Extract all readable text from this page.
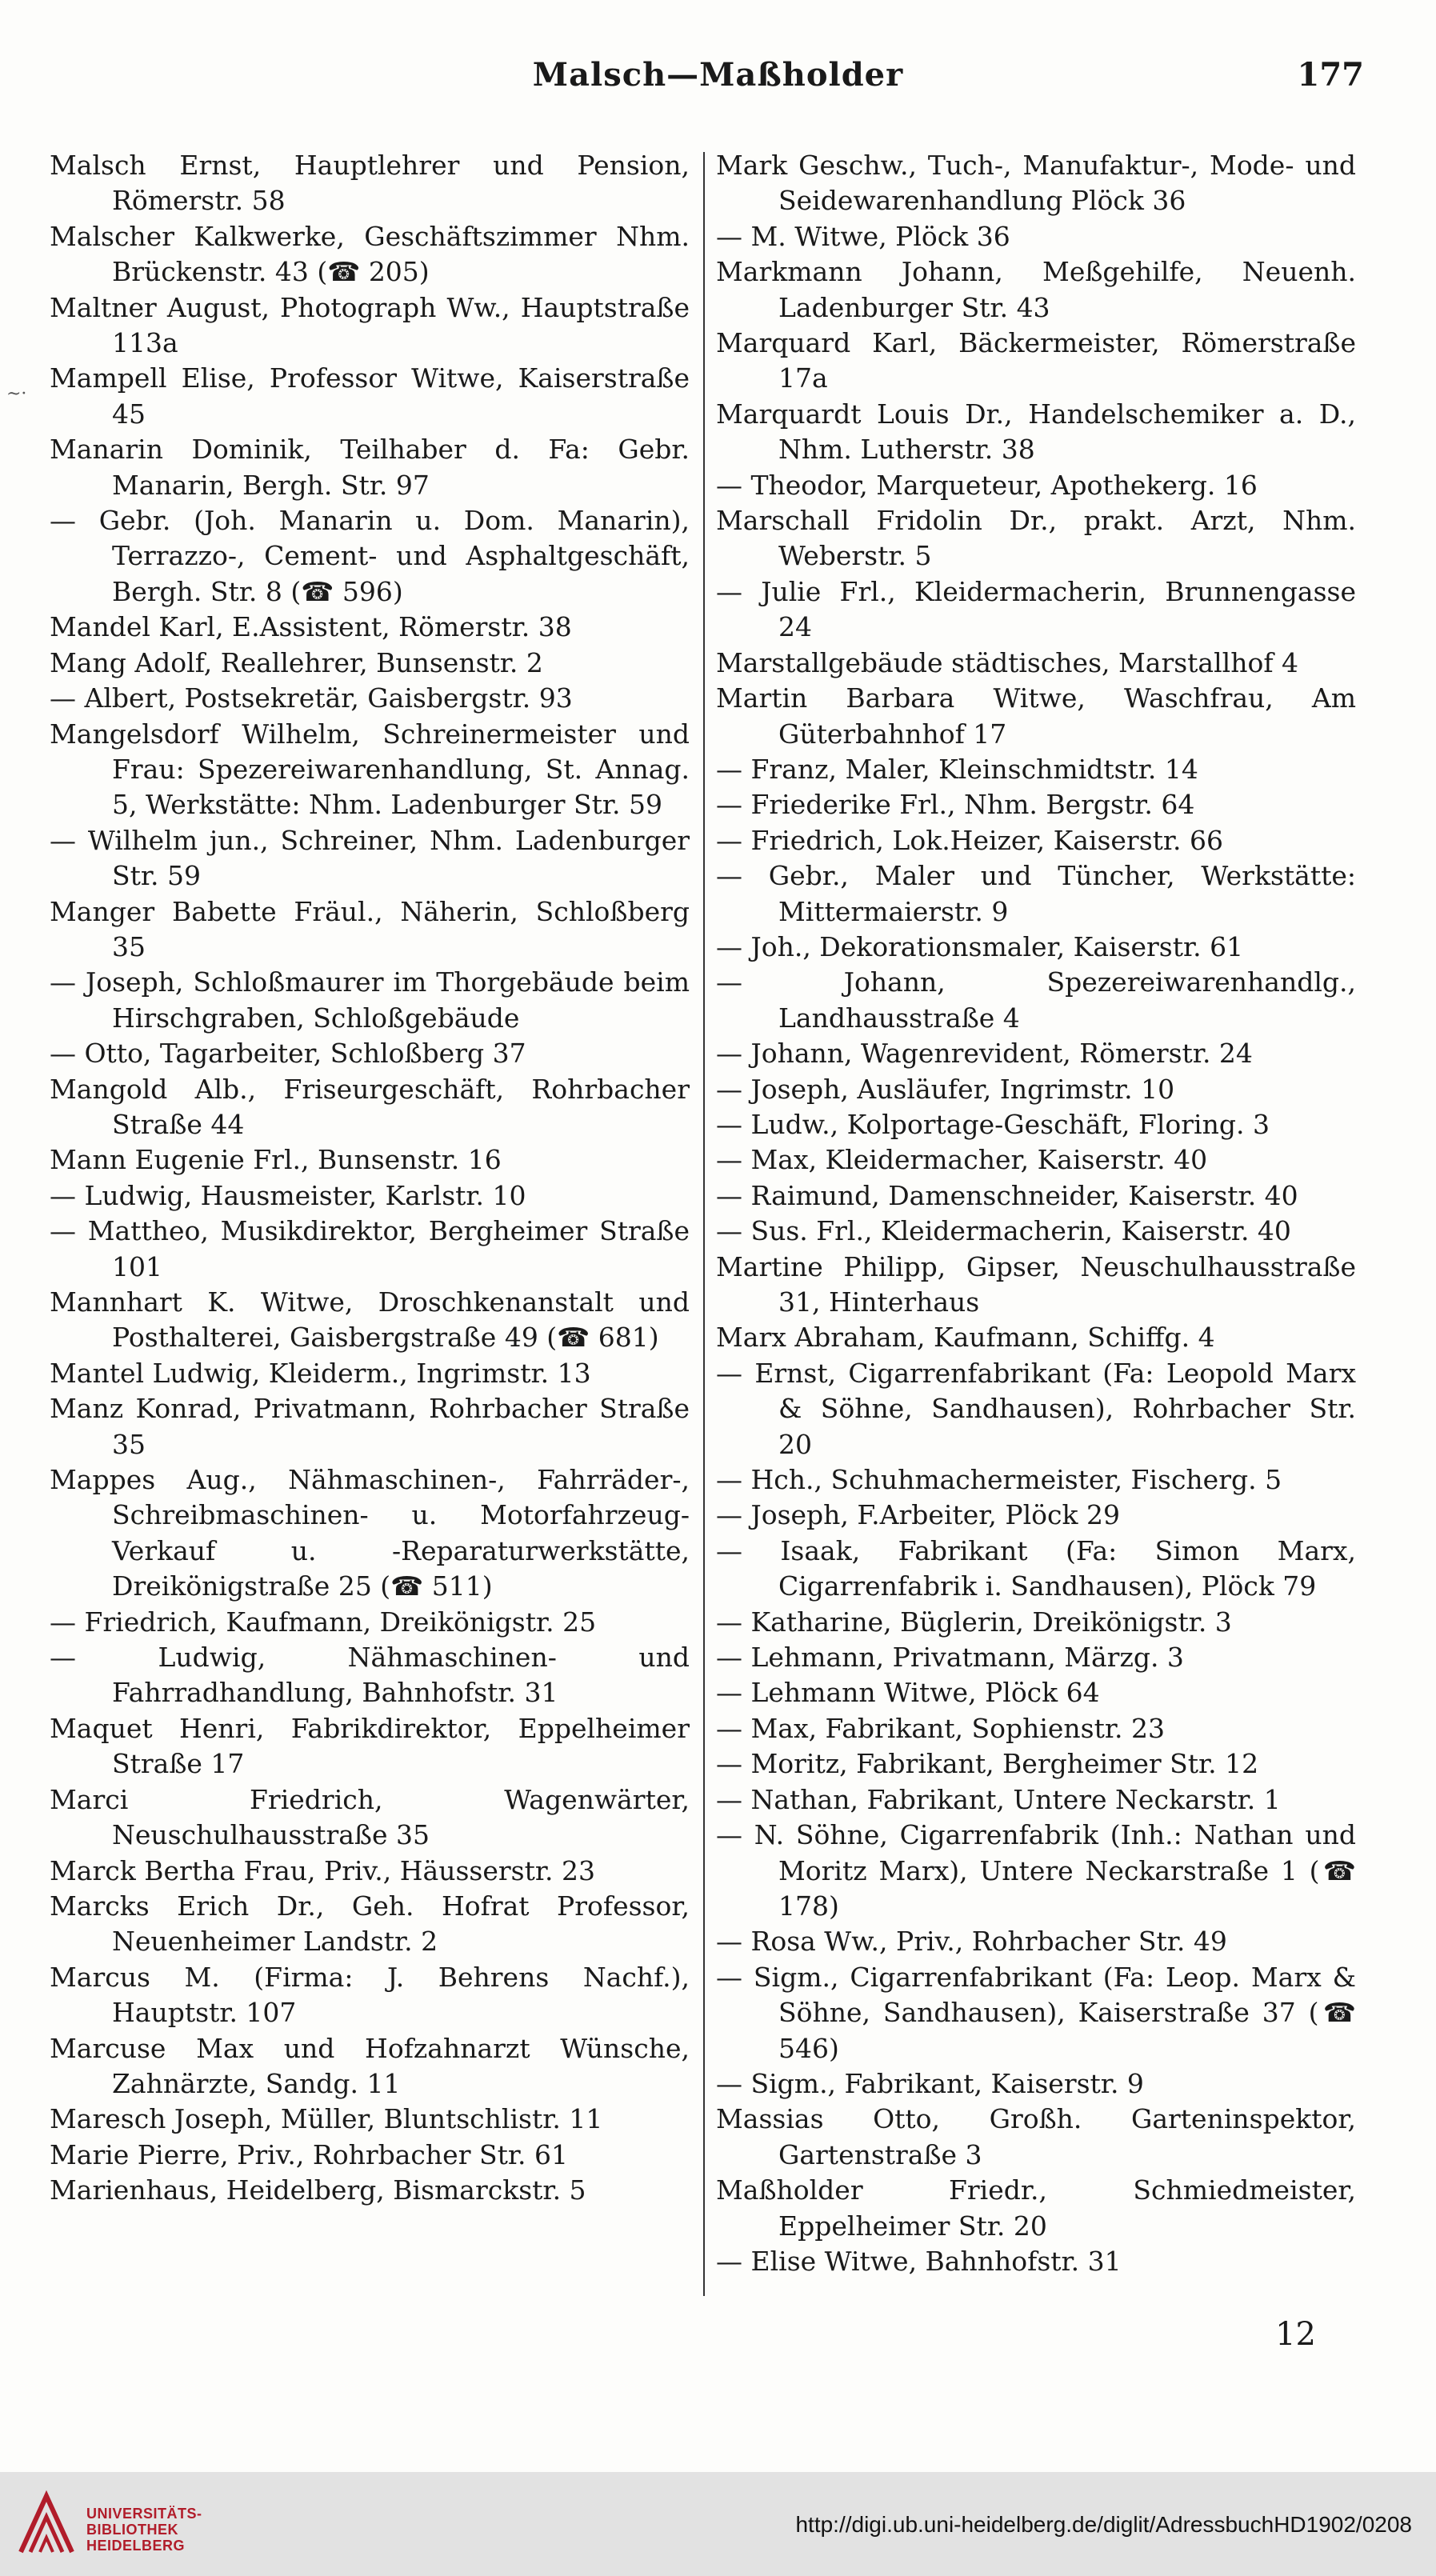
Malsch—Maßholder	177
~·

Malsch Ernst, Hauptlehrer und Pension, Römerstr. 58

Malscher Kalkwerke, Geschäftszimmer Nhm. Brückenstr. 43 (☎ 205)

Maltner August, Photograph Ww., Hauptstraße 113a

Mampell Elise, Professor Witwe, Kaiserstraße 45

Manarin Dominik, Teilhaber d. Fa: Gebr. Manarin, Bergh. Str. 97

— Gebr. (Joh. Manarin u. Dom. Manarin), Terrazzo-, Cement- und Asphaltgeschäft, Bergh. Str. 8 (☎ 596)

Mandel Karl, E.Assistent, Römerstr. 38

Mang Adolf, Reallehrer, Bunsenstr. 2

— Albert, Postsekretär, Gaisbergstr. 93

Mangelsdorf Wilhelm, Schreinermeister und Frau: Spezereiwarenhandlung, St. Annag. 5, Werkstätte: Nhm. Ladenburger Str. 59

— Wilhelm jun., Schreiner, Nhm. Ladenburger Str. 59

Manger Babette Fräul., Näherin, Schloßberg 35

— Joseph, Schloßmaurer im Thorgebäude beim Hirschgraben, Schloßgebäude

— Otto, Tagarbeiter, Schloßberg 37

Mangold Alb., Friseurgeschäft, Rohrbacher Straße 44

Mann Eugenie Frl., Bunsenstr. 16

— Ludwig, Hausmeister, Karlstr. 10

— Mattheo, Musikdirektor, Bergheimer Straße 101

Mannhart K. Witwe, Droschkenanstalt und Posthalterei, Gaisbergstraße 49 (☎ 681)

Mantel Ludwig, Kleiderm., Ingrimstr. 13

Manz Konrad, Privatmann, Rohrbacher Straße 35

Mappes Aug., Nähmaschinen-, Fahrräder-, Schreibmaschinen- u. Motorfahrzeug-Verkauf u. -Reparaturwerkstätte, Dreikönigstraße 25 (☎ 511)

— Friedrich, Kaufmann, Dreikönigstr. 25

— Ludwig, Nähmaschinen- und Fahrradhandlung, Bahnhofstr. 31

Maquet Henri, Fabrikdirektor, Eppelheimer Straße 17

Marci Friedrich, Wagenwärter, Neuschulhausstraße 35

Marck Bertha Frau, Priv., Häusserstr. 23

Marcks Erich Dr., Geh. Hofrat Professor, Neuenheimer Landstr. 2

Marcus M. (Firma: J. Behrens Nachf.), Hauptstr. 107

Marcuse Max und Hofzahnarzt Wünsche, Zahnärzte, Sandg. 11

Maresch Joseph, Müller, Bluntschlistr. 11

Marie Pierre, Priv., Rohrbacher Str. 61

Marienhaus, Heidelberg, Bismarckstr. 5

Mark Geschw., Tuch-, Manufaktur-, Mode- und Seidewarenhandlung Plöck 36

— M. Witwe, Plöck 36

Markmann Johann, Meßgehilfe, Neuenh. Ladenburger Str. 43

Marquard Karl, Bäckermeister, Römerstraße 17a

Marquardt Louis Dr., Handelschemiker a. D., Nhm. Lutherstr. 38

— Theodor, Marqueteur, Apothekerg. 16

Marschall Fridolin Dr., prakt. Arzt, Nhm. Weberstr. 5

— Julie Frl., Kleidermacherin, Brunnengasse 24

Marstallgebäude städtisches, Marstallhof 4

Martin Barbara Witwe, Waschfrau, Am Güterbahnhof 17

— Franz, Maler, Kleinschmidtstr. 14

— Friederike Frl., Nhm. Bergstr. 64

— Friedrich, Lok.Heizer, Kaiserstr. 66

— Gebr., Maler und Tüncher, Werkstätte: Mittermaierstr. 9

— Joh., Dekorationsmaler, Kaiserstr. 61

— Johann, Spezereiwarenhandlg., Landhausstraße 4

— Johann, Wagenrevident, Römerstr. 24

— Joseph, Ausläufer, Ingrimstr. 10

— Ludw., Kolportage-Geschäft, Floring. 3

— Max, Kleidermacher, Kaiserstr. 40

— Raimund, Damenschneider, Kaiserstr. 40

— Sus. Frl., Kleidermacherin, Kaiserstr. 40

Martine Philipp, Gipser, Neuschulhausstraße 31, Hinterhaus

Marx Abraham, Kaufmann, Schiffg. 4

— Ernst, Cigarrenfabrikant (Fa: Leopold Marx & Söhne, Sandhausen), Rohrbacher Str. 20

— Hch., Schuhmachermeister, Fischerg. 5

— Joseph, F.Arbeiter, Plöck 29

— Isaak, Fabrikant (Fa: Simon Marx, Cigarrenfabrik i. Sandhausen), Plöck 79

— Katharine, Büglerin, Dreikönigstr. 3

— Lehmann, Privatmann, Märzg. 3

— Lehmann Witwe, Plöck 64

— Max, Fabrikant, Sophienstr. 23

— Moritz, Fabrikant, Bergheimer Str. 12

— Nathan, Fabrikant, Untere Neckarstr. 1

— N. Söhne, Cigarrenfabrik (Inh.: Nathan und Moritz Marx), Untere Neckarstraße 1 (☎ 178)

— Rosa Ww., Priv., Rohrbacher Str. 49

— Sigm., Cigarrenfabrikant (Fa: Leop. Marx & Söhne, Sandhausen), Kaiserstraße 37 (☎ 546)

— Sigm., Fabrikant, Kaiserstr. 9

Massias Otto, Großh. Garteninspektor, Gartenstraße 3

Maßholder Friedr., Schmiedmeister, Eppelheimer Str. 20

— Elise Witwe, Bahnhofstr. 31

12
UNIVERSITÄTS-
BIBLIOTHEK
HEIDELBERG
http://digi.ub.uni-heidelberg.de/diglit/AdressbuchHD1902/0208
